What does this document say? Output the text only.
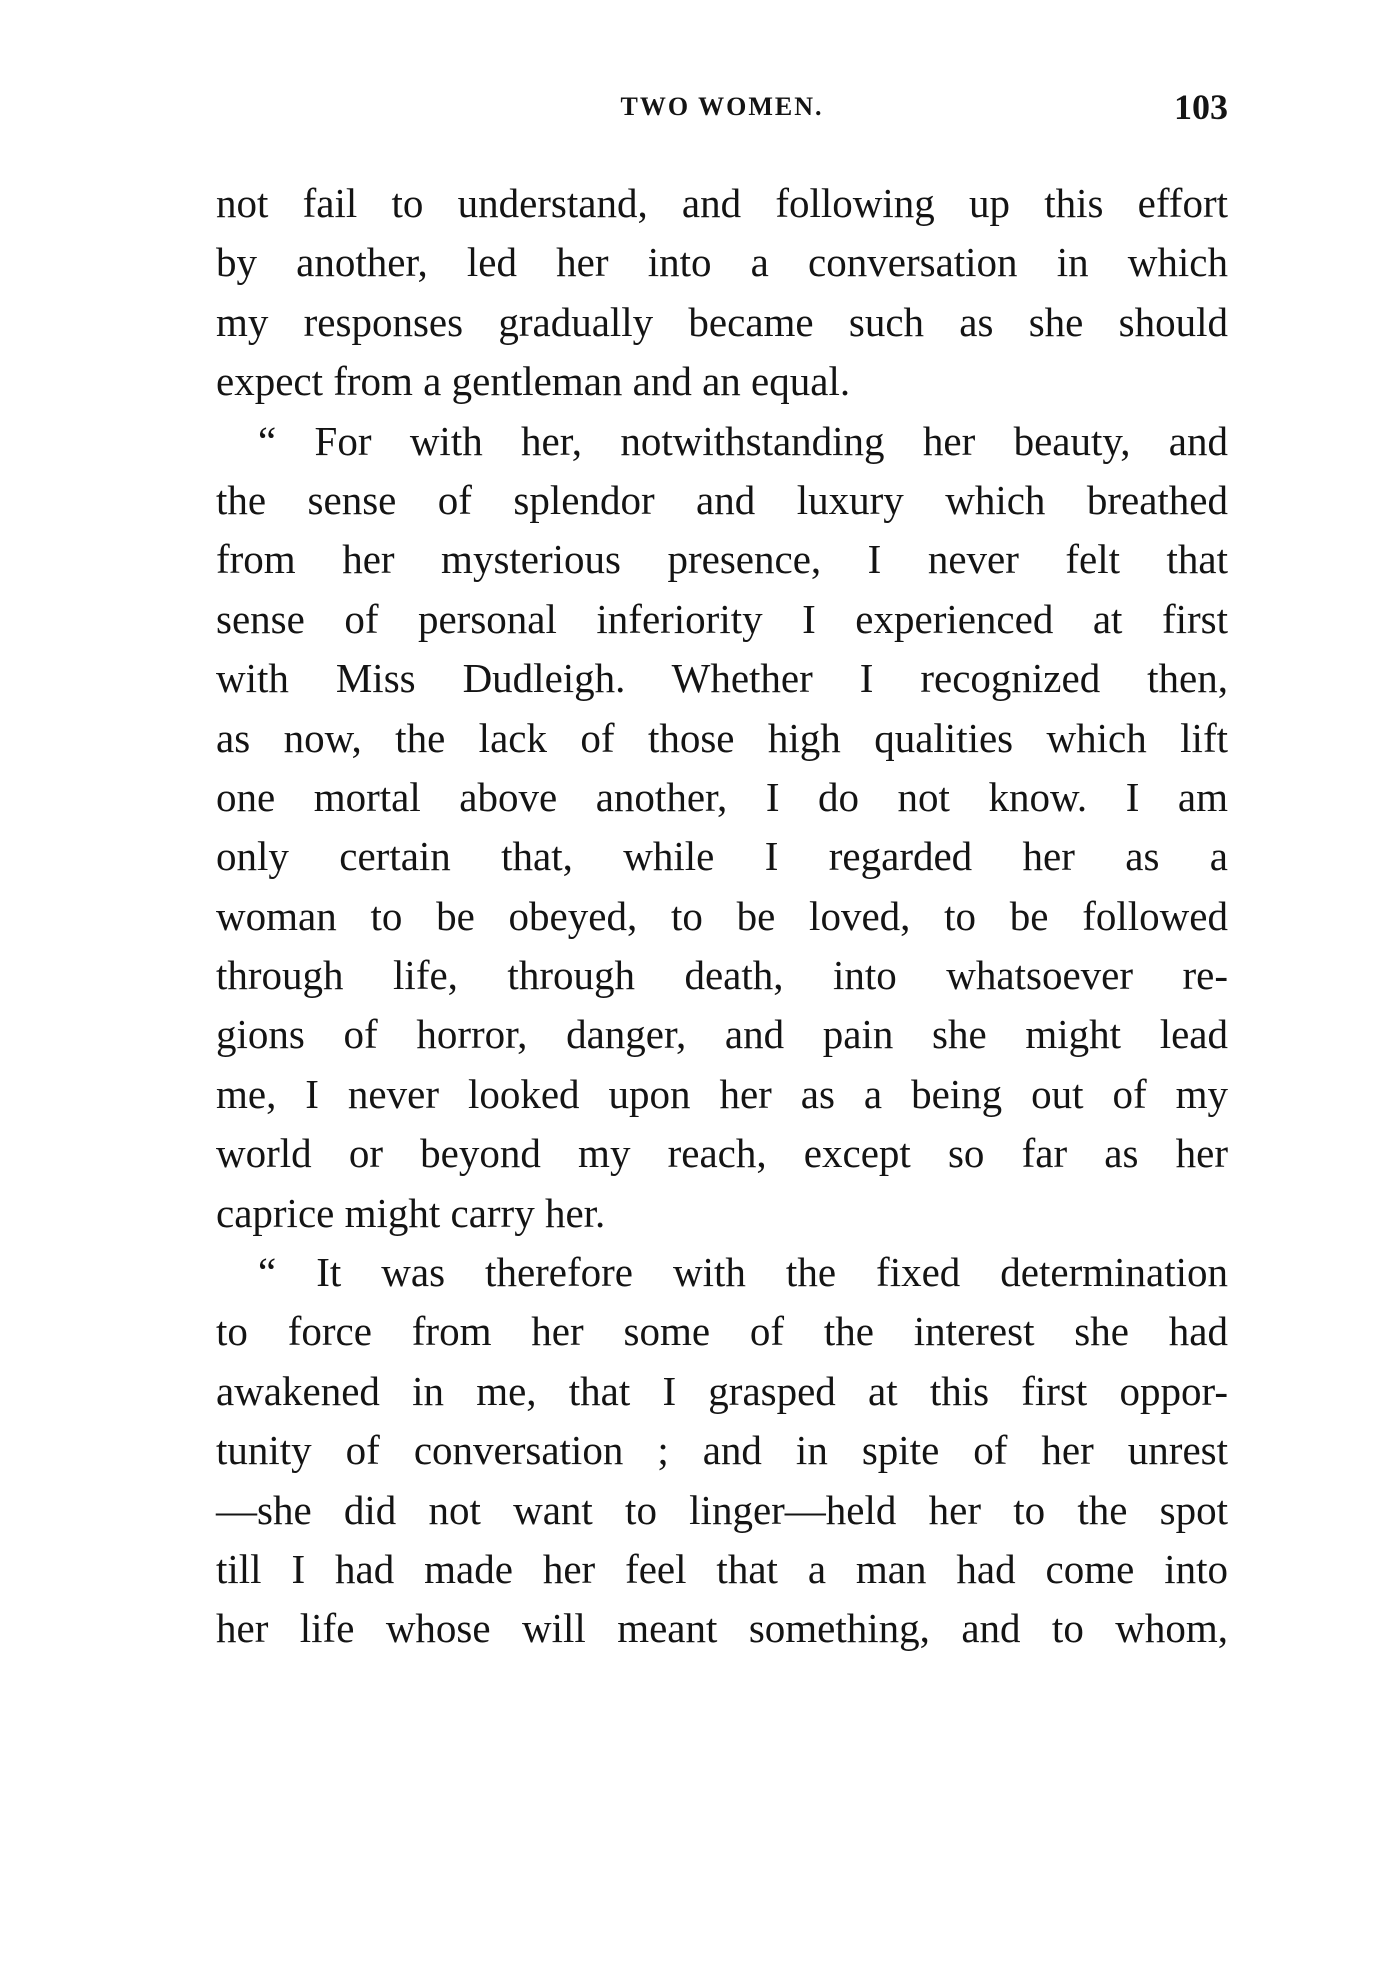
TWO WOMEN.	103
not fail to understand, and following up this effort
by another, led her into a conversation in which
my responses gradually became such as she should
expect from a gentleman and an equal.
“ For with her, notwithstanding her beauty, and
the sense of splendor and luxury which breathed
from her mysterious presence, I never felt that
sense of personal inferiority I experienced at first
with Miss Dudleigh. Whether I recognized then,
as now, the lack of those high qualities which lift
one mortal above another, I do not know. I am
only certain that, while I regarded her as a
woman to be obeyed, to be loved, to be followed
through life, through death, into whatsoever re-
gions of horror, danger, and pain she might lead
me, I never looked upon her as a being out of my
world or beyond my reach, except so far as her
caprice might carry her.
“ It was therefore with the fixed determination
to force from her some of the interest she had
awakened in me, that I grasped at this first oppor-
tunity of conversation ; and in spite of her unrest
—she did not want to linger—held her to the spot
till I had made her feel that a man had come into
her life whose will meant something, and to whom,
